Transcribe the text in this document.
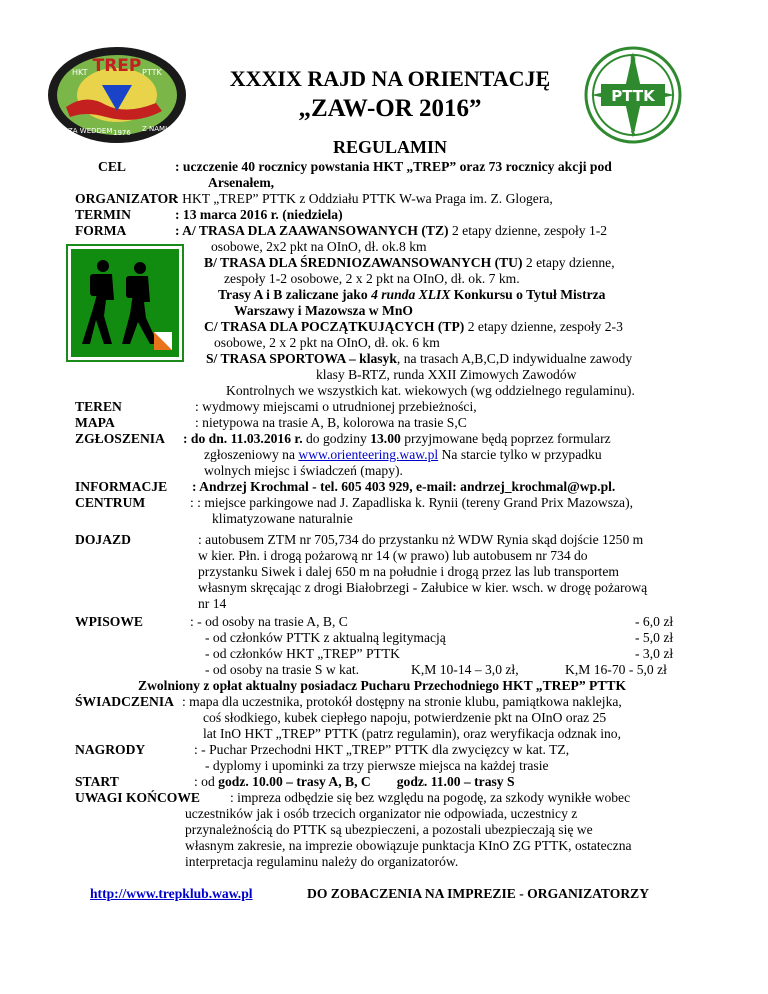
TREP
HKT	PTTK
ZA WEDDEM 1976 Z NAMI
PTTK
N
S
XXXIX RAJD NA ORIENTACJĘ
„ZAW-OR 2016”
REGULAMIN
CEL	: uczczenie 40 rocznicy powstania HKT „TREP” oraz 73 rocznicy akcji pod
Arsenałem,
ORGANIZATOR
: HKT „TREP” PTTK z Oddziału PTTK W-wa Praga im. Z. Glogera,
TERMIN	: 13 marca 2016 r. (niedziela)
FORMA	: A/ TRASA DLA ZAAWANSOWANYCH (TZ) 2 etapy dzienne, zespoły 1-2
osobowe, 2x2 pkt na OInO, dł. ok.8 km
B/ TRASA DLA ŚREDNIOZAWANSOWANYCH (TU) 2 etapy dzienne,
zespoły 1-2 osobowe, 2 x 2 pkt na OInO, dł. ok. 7 km.
Trasy A i B zaliczane jako 4 runda XLIX Konkursu o Tytuł Mistrza
Warszawy i Mazowsza w MnO
C/ TRASA DLA POCZĄTKUJĄCYCH (TP) 2 etapy dzienne, zespoły 2-3
osobowe, 2 x 2 pkt na OInO, dł. ok. 6 km
S/ TRASA SPORTOWA – klasyk, na trasach A,B,C,D indywidualne zawody
klasy B-RTZ, runda XXII Zimowych Zawodów
Kontrolnych we wszystkich kat. wiekowych (wg oddzielnego regulaminu).
TEREN	: wydmowy miejscami o utrudnionej przebieżności,
MAPA	: nietypowa na trasie A, B, kolorowa na trasie S,C
ZGŁOSZENIA : do dn. 11.03.2016 r. do godziny 13.00 przyjmowane będą poprzez formularz
zgłoszeniowy na www.orienteering.waw.pl Na starcie tylko w przypadku
wolnych miejsc i świadczeń (mapy).
INFORMACJE : Andrzej Krochmal - tel. 605 403 929, e-mail: andrzej_krochmal@wp.pl.
CENTRUM	: : miejsce parkingowe nad J. Zapadliska k. Rynii (tereny Grand Prix Mazowsza),
klimatyzowane naturalnie
DOJAZD	: autobusem ZTM nr 705,734 do przystanku nż WDW Rynia skąd dojście 1250 m
w kier. Płn. i drogą pożarową nr 14 (w prawo) lub autobusem nr 734 do
przystanku Siwek i dalej 650 m na południe i drogą przez las lub transportem
własnym skręcając z drogi Białobrzegi - Załubice w kier. wsch. w drogę pożarową
nr 14
WPISOWE	: - od osoby na trasie A, B, C	- 6,0 zł
- od członków PTTK z aktualną legitymacją	- 5,0 zł
- od członków HKT „TREP” PTTK	- 3,0 zł
- od osoby na trasie S w kat.	K,M 10-14 – 3,0 zł,	K,M 16-70 - 5,0 zł
Zwolniony z opłat aktualny posiadacz Pucharu Przechodniego HKT „TREP” PTTK
ŚWIADCZENIA : mapa dla uczestnika, protokół dostępny na stronie klubu, pamiątkowa naklejka,
coś słodkiego, kubek ciepłego napoju, potwierdzenie pkt na OInO oraz 25
lat InO HKT „TREP” PTTK (patrz regulamin), oraz weryfikacja odznak ino,
NAGRODY	: - Puchar Przechodni HKT „TREP” PTTK dla zwycięzcy w kat. TZ,
- dyplomy i upominki za trzy pierwsze miejsca na każdej trasie
START	: od godz. 10.00 – trasy A, B, C godz. 11.00 – trasy S
UWAGI KOŃCOWE : impreza odbędzie się bez względu na pogodę, za szkody wynikłe wobec
uczestników jak i osób trzecich organizator nie odpowiada, uczestnicy z
przynależnością do PTTK są ubezpieczeni, a pozostali ubezpieczają się we
własnym zakresie, na imprezie obowiązuje punktacja KInO ZG PTTK, ostateczna
interpretacja regulaminu należy do organizatorów.
http://www.trepklub.waw.pl	DO ZOBACZENIA NA IMPREZIE - ORGANIZATORZY
